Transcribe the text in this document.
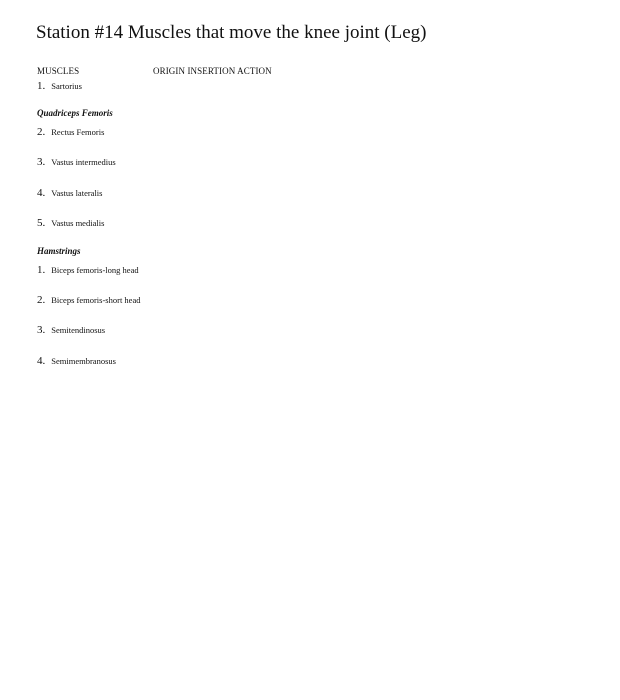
Station #14 Muscles that move the knee joint (Leg)
MUSCLES	ORIGIN INSERTION ACTION
1. Sartorius
Quadriceps Femoris
2. Rectus Femoris
3. Vastus intermedius
4. Vastus lateralis
5. Vastus medialis
Hamstrings
1. Biceps femoris-long head
2. Biceps femoris-short head
3. Semitendinosus
4. Semimembranosus
